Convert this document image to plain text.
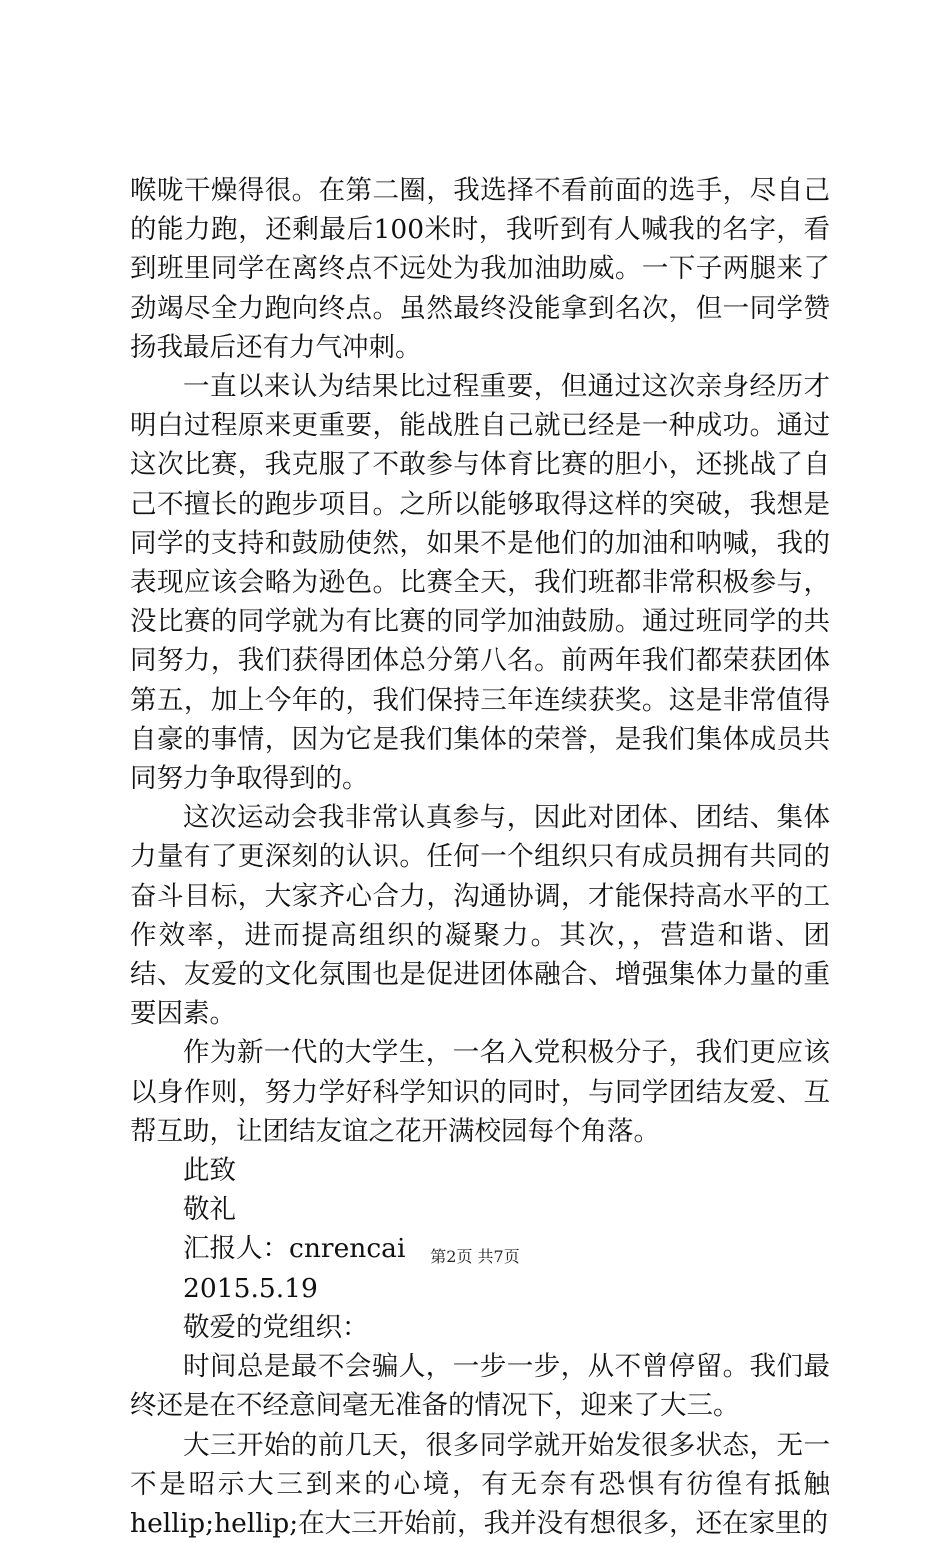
喉咙干燥得很。在第二圈，我选择不看前面的选手，尽自己的能力跑，还剩最后100米时，我听到有人喊我的名字，看到班里同学在离终点不远处为我加油助威。一下子两腿来了劲竭尽全力跑向终点。虽然最终没能拿到名次，但一同学赞扬我最后还有力气冲刺。

一直以来认为结果比过程重要，但通过这次亲身经历才明白过程原来更重要，能战胜自己就已经是一种成功。通过这次比赛，我克服了不敢参与体育比赛的胆小，还挑战了自己不擅长的跑步项目。之所以能够取得这样的突破，我想是同学的支持和鼓励使然，如果不是他们的加油和呐喊，我的表现应该会略为逊色。比赛全天，我们班都非常积极参与，没比赛的同学就为有比赛的同学加油鼓励。通过班同学的共同努力，我们获得团体总分第八名。前两年我们都荣获团体第五，加上今年的，我们保持三年连续获奖。这是非常值得自豪的事情，因为它是我们集体的荣誉，是我们集体成员共同努力争取得到的。

这次运动会我非常认真参与，因此对团体、团结、集体力量有了更深刻的认识。任何一个组织只有成员拥有共同的奋斗目标，大家齐心合力，沟通协调，才能保持高水平的工作效率，进而提高组织的凝聚力。其次，，营造和谐、团结、友爱的文化氛围也是促进团体融合、增强集体力量的重要因素。

作为新一代的大学生，一名入党积极分子，我们更应该以身作则，努力学好科学知识的同时，与同学团结友爱、互帮互助，让团结友谊之花开满校园每个角落。

此致

敬礼

汇报人：cnrencai

2015.5.19

敬爱的党组织：

时间总是最不会骗人，一步一步，从不曾停留。我们最终还是在不经意间毫无准备的情况下，迎来了大三。

大三开始的前几天，很多同学就开始发很多状态，无一不是昭示大三到来的心境，有无奈有恐惧有彷徨有抵触hellip;hellip;在大三开始前，我并没有想很多，还在家里的

第2页 共7页
